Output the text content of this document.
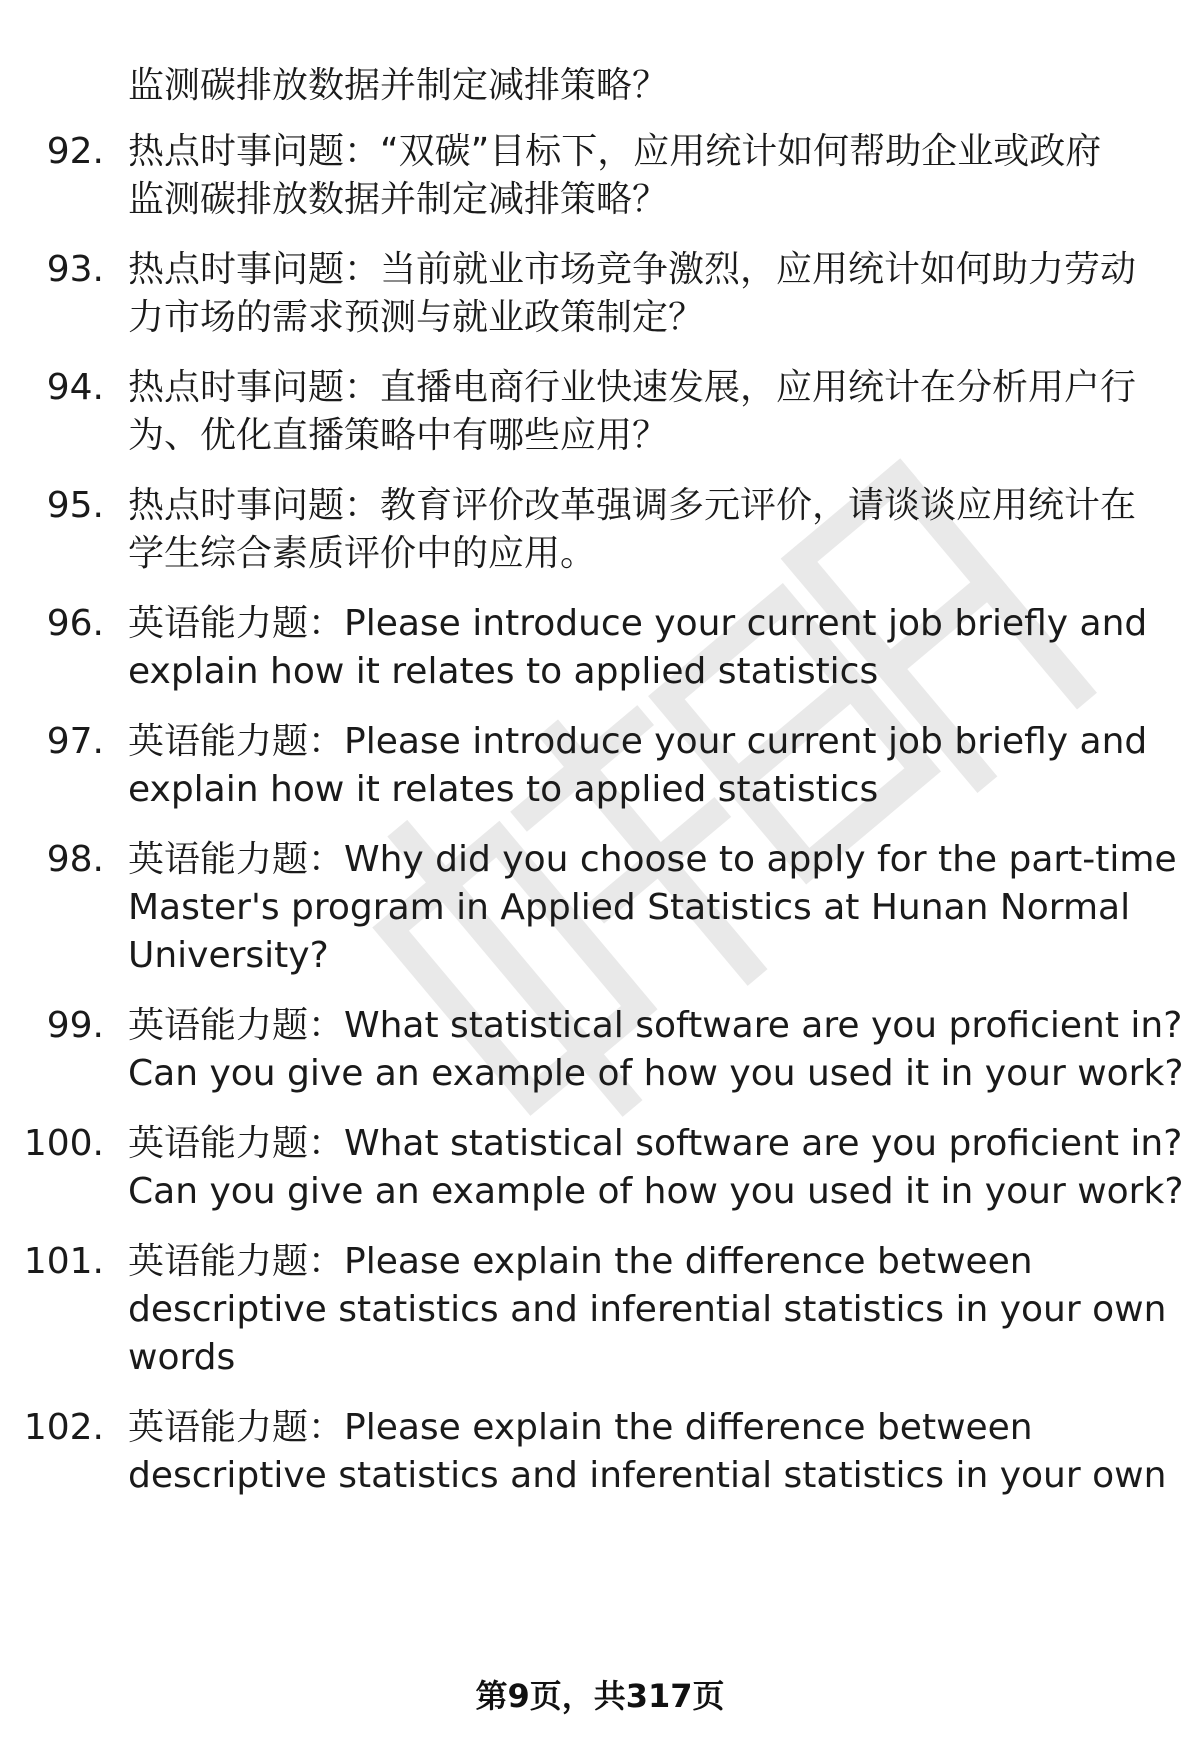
监测碳排放数据并制定减排策略？
92. 热点时事问题：“双碳”目标下，应用统计如何帮助企业或政府
监测碳排放数据并制定减排策略？
93. 热点时事问题：当前就业市场竞争激烈，应用统计如何助力劳动
力市场的需求预测与就业政策制定？
94. 热点时事问题：直播电商行业快速发展，应用统计在分析用户行
为、优化直播策略中有哪些应用？
95. 热点时事问题：教育评价改革强调多元评价，请谈谈应用统计在
学生综合素质评价中的应用。
96. 英语能力题：Please introduce your current job briefly and
explain how it relates to applied statistics
97. 英语能力题：Please introduce your current job briefly and
explain how it relates to applied statistics
98. 英语能力题：Why did you choose to apply for the part-time
Master's program in Applied Statistics at Hunan Normal
University?
99. 英语能力题：What statistical software are you proficient in?
Can you give an example of how you used it in your work?
100. 英语能力题：What statistical software are you proficient in?
Can you give an example of how you used it in your work?
101. 英语能力题：Please explain the difference between
descriptive statistics and inferential statistics in your own
words
102. 英语能力题：Please explain the difference between
descriptive statistics and inferential statistics in your own
第9页，共317页
